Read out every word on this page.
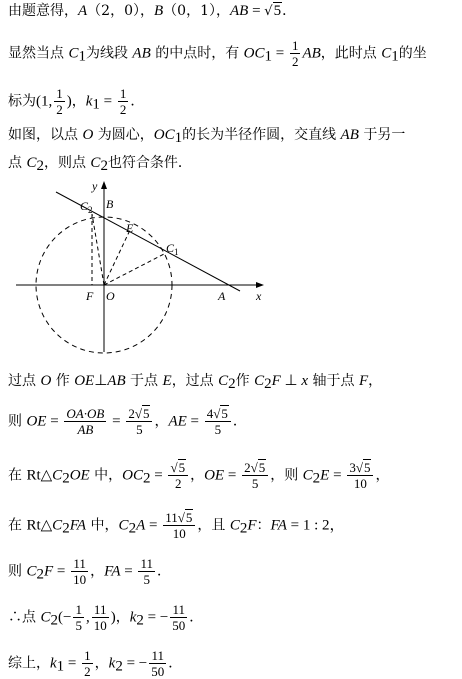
由题意得，A（2，0），B（0，1），AB = √5．
显然当点 $C_1$为线段 AB 的中点时，有 $OC_1 = \frac{1}{2}$ AB，此时点 $C_1$的坐
标为(1, $\frac{1}{2}$ )，$k_1 = \frac{1}{2}$ ．
如图，以点 O 为圆心，$OC_1$的长为半径作圆，交直线 AB 于另一
点 $C_2$，则点 $C_2$也符合条件．
y
x
B
$C_2$
E
$C_1$
F O	A
过点 O 作 OE⊥AB 于点 E，过点 $C_2$作 $C_2F$ ⊥ x 轴于点 F，
则 OE = $\frac{OA\cdot OB}{AB} = \frac{2√5}{5}$ ，AE = $\frac{4√5}{5}$ ．
在 $Rt\triangle C_2OE$ 中，$OC_2 = \frac{√5}{2}$ ，OE = $\frac{2√5}{5}$ ，则 $C_2E = \frac{3√5}{10}$ ，
在 $Rt\triangle C_2FA$ 中，$C_2A = \frac{11√5}{10}$ ，且 $C_2F$：FA = 1 : 2，
则 $C_2F = \frac{11}{10}$ ，FA = $\frac{11}{5}$ ．
∴点 $C_2(- \frac{1}{5}$ , $\frac{11}{10}$ )，$k_2$ = − $\frac{11}{50}$ ．
综上，$k_1 = \frac{1}{2}$ ，$k_2$ = − $\frac{11}{50}$ ．
